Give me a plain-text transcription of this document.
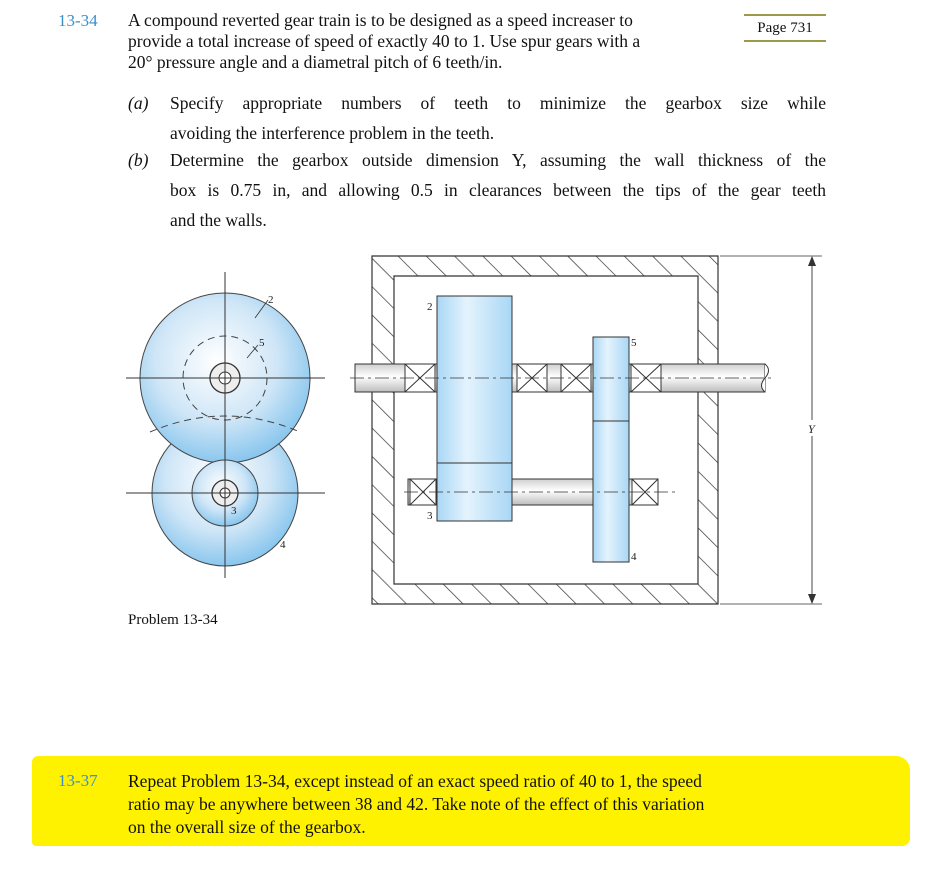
13-34 A compound reverted gear train is to be designed as a speed increaser to
provide a total increase of speed of exactly 40 to 1. Use spur gears with a
20° pressure angle and a diametral pitch of 6 teeth/in.
Page 731
(a) Specify appropriate numbers of teeth to minimize the gearbox size while
avoiding the interference problem in the teeth.
(b) Determine the gearbox outside dimension Y, assuming the wall thickness of the
box is 0.75 in, and allowing 0.5 in clearances between the tips of the gear teeth
and the walls.
2
5
3
4
2
5
3
4
Y
Problem 13-34
13-37 Repeat Problem 13-34, except instead of an exact speed ratio of 40 to 1, the speed
ratio may be anywhere between 38 and 42. Take note of the effect of this variation
on the overall size of the gearbox.
